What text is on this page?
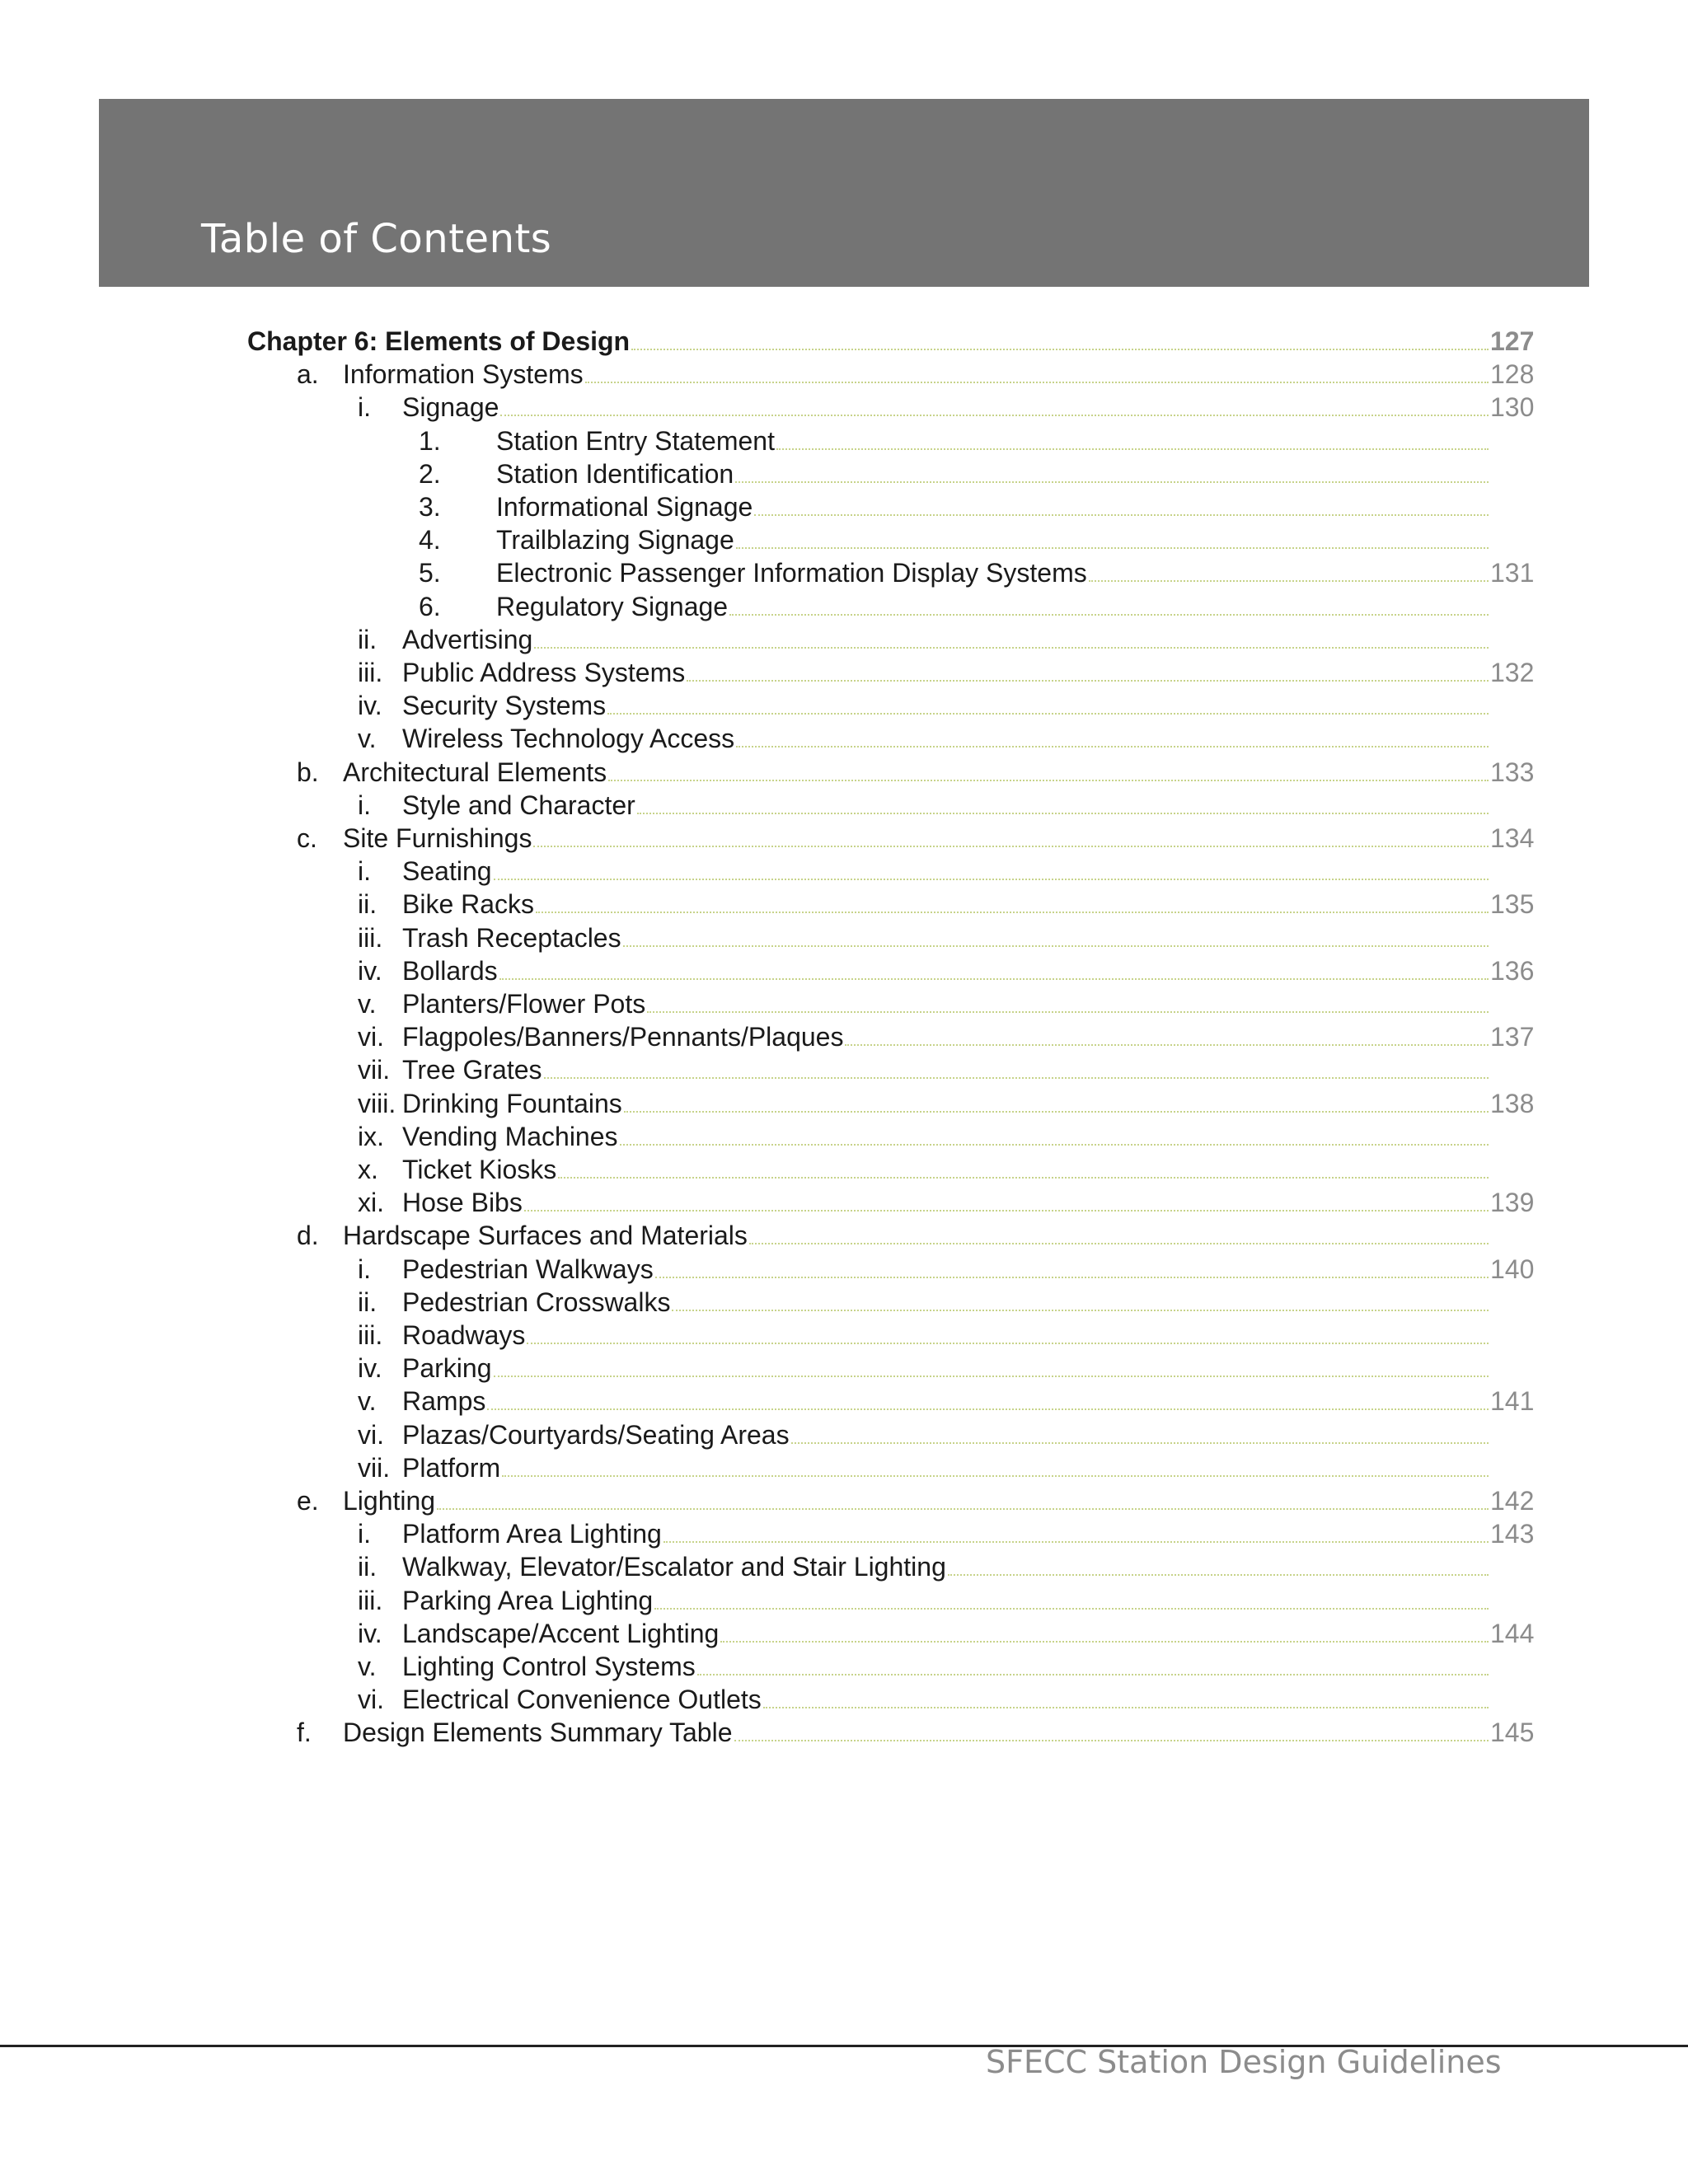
Table of Contents
Chapter 6: Elements of Design	127
a. Information Systems	128
i. Signage	130
1. Station Entry Statement
2. Station Identification
3. Informational Signage
4. Trailblazing Signage
5. Electronic Passenger Information Display Systems	131
6. Regulatory Signage
ii. Advertising
iii. Public Address Systems	132
iv. Security Systems
v. Wireless Technology Access
b. Architectural Elements	133
i. Style and Character
c. Site Furnishings	134
i. Seating
ii. Bike Racks	135
iii. Trash Receptacles
iv. Bollards	136
v. Planters/Flower Pots
vi. Flagpoles/Banners/Pennants/Plaques	137
vii. Tree Grates
viii. Drinking Fountains	138
ix. Vending Machines
x. Ticket Kiosks
xi. Hose Bibs	139
d. Hardscape Surfaces and Materials
i. Pedestrian Walkways	140
ii. Pedestrian Crosswalks
iii. Roadways
iv. Parking
v. Ramps	141
vi. Plazas/Courtyards/Seating Areas
vii. Platform
e. Lighting	142
i. Platform Area Lighting	143
ii. Walkway, Elevator/Escalator and Stair Lighting
iii. Parking Area Lighting
iv. Landscape/Accent Lighting	144
v. Lighting Control Systems
vi. Electrical Convenience Outlets
f. Design Elements Summary Table	145
SFECC Station Design Guidelines
